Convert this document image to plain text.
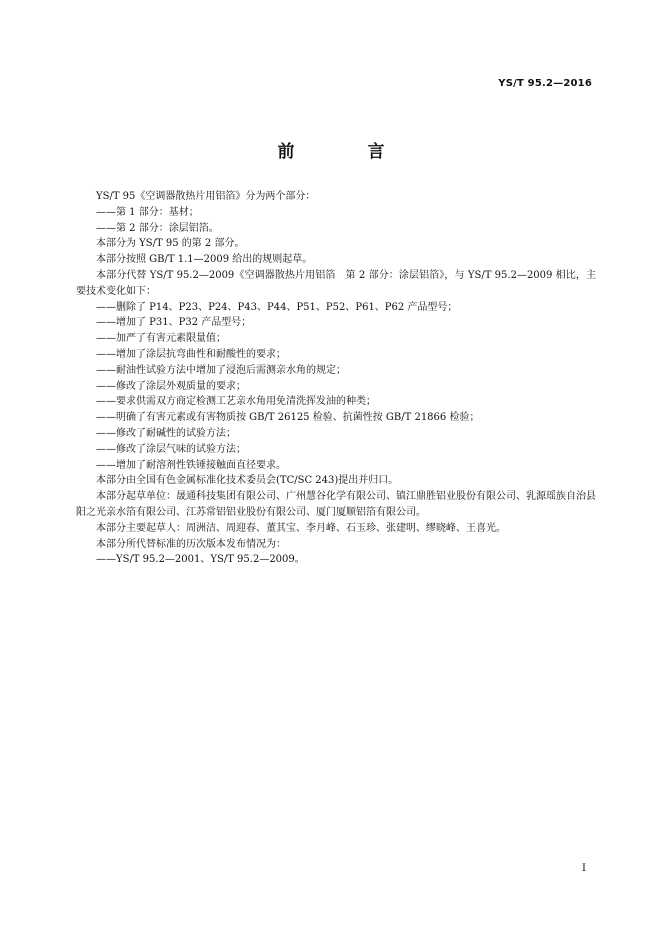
YS/T 95.2—2016
前　言

YS/T 95《空调器散热片用铝箔》分为两个部分：

——第 1 部分：基材；

——第 2 部分：涂层铝箔。

本部分为 YS/T 95 的第 2 部分。

本部分按照 GB/T 1.1—2009 给出的规则起草。

本部分代替 YS/T 95.2—2009《空调器散热片用铝箔　第 2 部分：涂层铝箔》，与 YS/T 95.2—2009 相比，主要技术变化如下：

——删除了 P14、P23、P24、P43、P44、P51、P52、P61、P62 产品型号；

——增加了 P31、P32 产品型号；

——加严了有害元素限量值；

——增加了涂层抗弯曲性和耐酸性的要求；

——耐油性试验方法中增加了浸泡后需测亲水角的规定；

——修改了涂层外观质量的要求；

——要求供需双方商定检测工艺亲水角用免清洗挥发油的种类；

——明确了有害元素或有害物质按 GB/T 26125 检验、抗菌性按 GB/T 21866 检验；

——修改了耐碱性的试验方法；

——修改了涂层气味的试验方法；

——增加了耐溶剂性铁锤接触面直径要求。

本部分由全国有色金属标准化技术委员会(TC/SC 243)提出并归口。

本部分起草单位：晟通科技集团有限公司、广州慧谷化学有限公司、镇江鼎胜铝业股份有限公司、乳源瑶族自治县阳之光亲水箔有限公司、江苏常铝铝业股份有限公司、厦门厦顺铝箔有限公司。

本部分主要起草人：周洲洁、周迎春、董其宝、李月峰、石玉珍、张建明、缪晓峰、王喜光。

本部分所代替标准的历次版本发布情况为：

——YS/T 95.2—2001、YS/T 95.2—2009。

I
